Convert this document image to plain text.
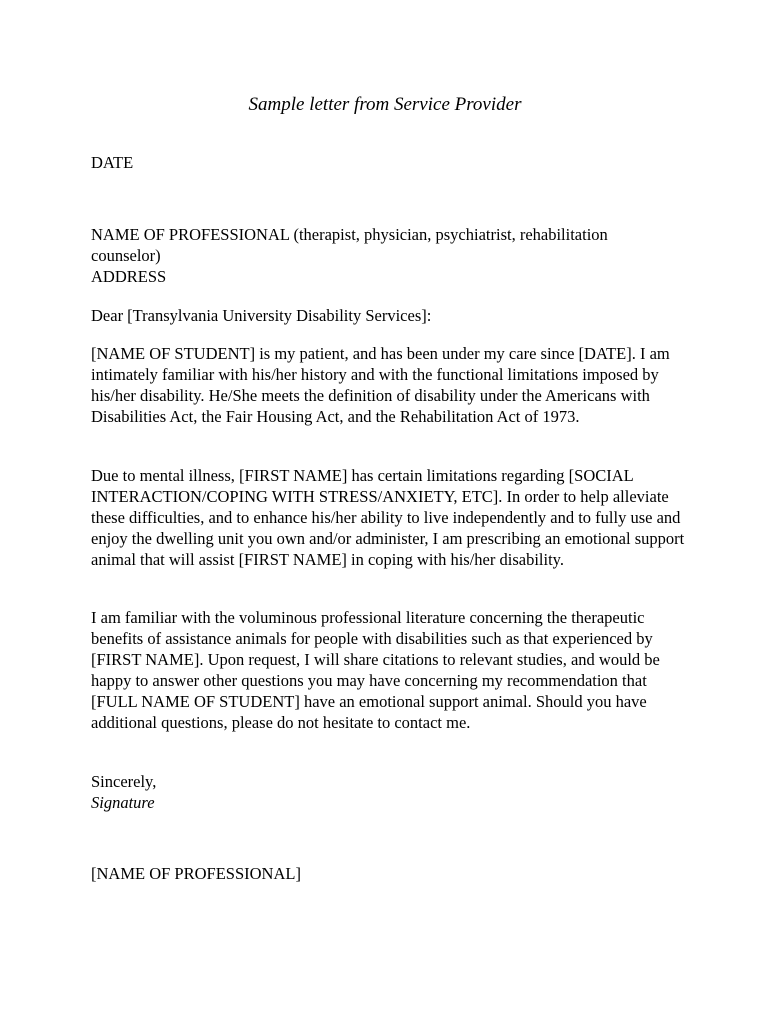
Sample letter from Service Provider

DATE

NAME OF PROFESSIONAL (therapist, physician, psychiatrist, rehabilitation
counselor)
ADDRESS

Dear [Transylvania University Disability Services]:

[NAME OF STUDENT] is my patient, and has been under my care since [DATE]. I am intimately familiar with his/her history and with the functional limitations imposed by his/her disability. He/She meets the definition of disability under the Americans with Disabilities Act, the Fair Housing Act, and the Rehabilitation Act of 1973.

Due to mental illness, [FIRST NAME] has certain limitations regarding [SOCIAL INTERACTION/COPING WITH STRESS/ANXIETY, ETC]. In order to help alleviate these difficulties, and to enhance his/her ability to live independently and to fully use and enjoy the dwelling unit you own and/or administer, I am prescribing an emotional support animal that will assist [FIRST NAME] in coping with his/her disability.

I am familiar with the voluminous professional literature concerning the therapeutic benefits of assistance animals for people with disabilities such as that experienced by [FIRST NAME]. Upon request, I will share citations to relevant studies, and would be happy to answer other questions you may have concerning my recommendation that [FULL NAME OF STUDENT] have an emotional support animal. Should you have additional questions, please do not hesitate to contact me.

Sincerely,
Signature

[NAME OF PROFESSIONAL]
